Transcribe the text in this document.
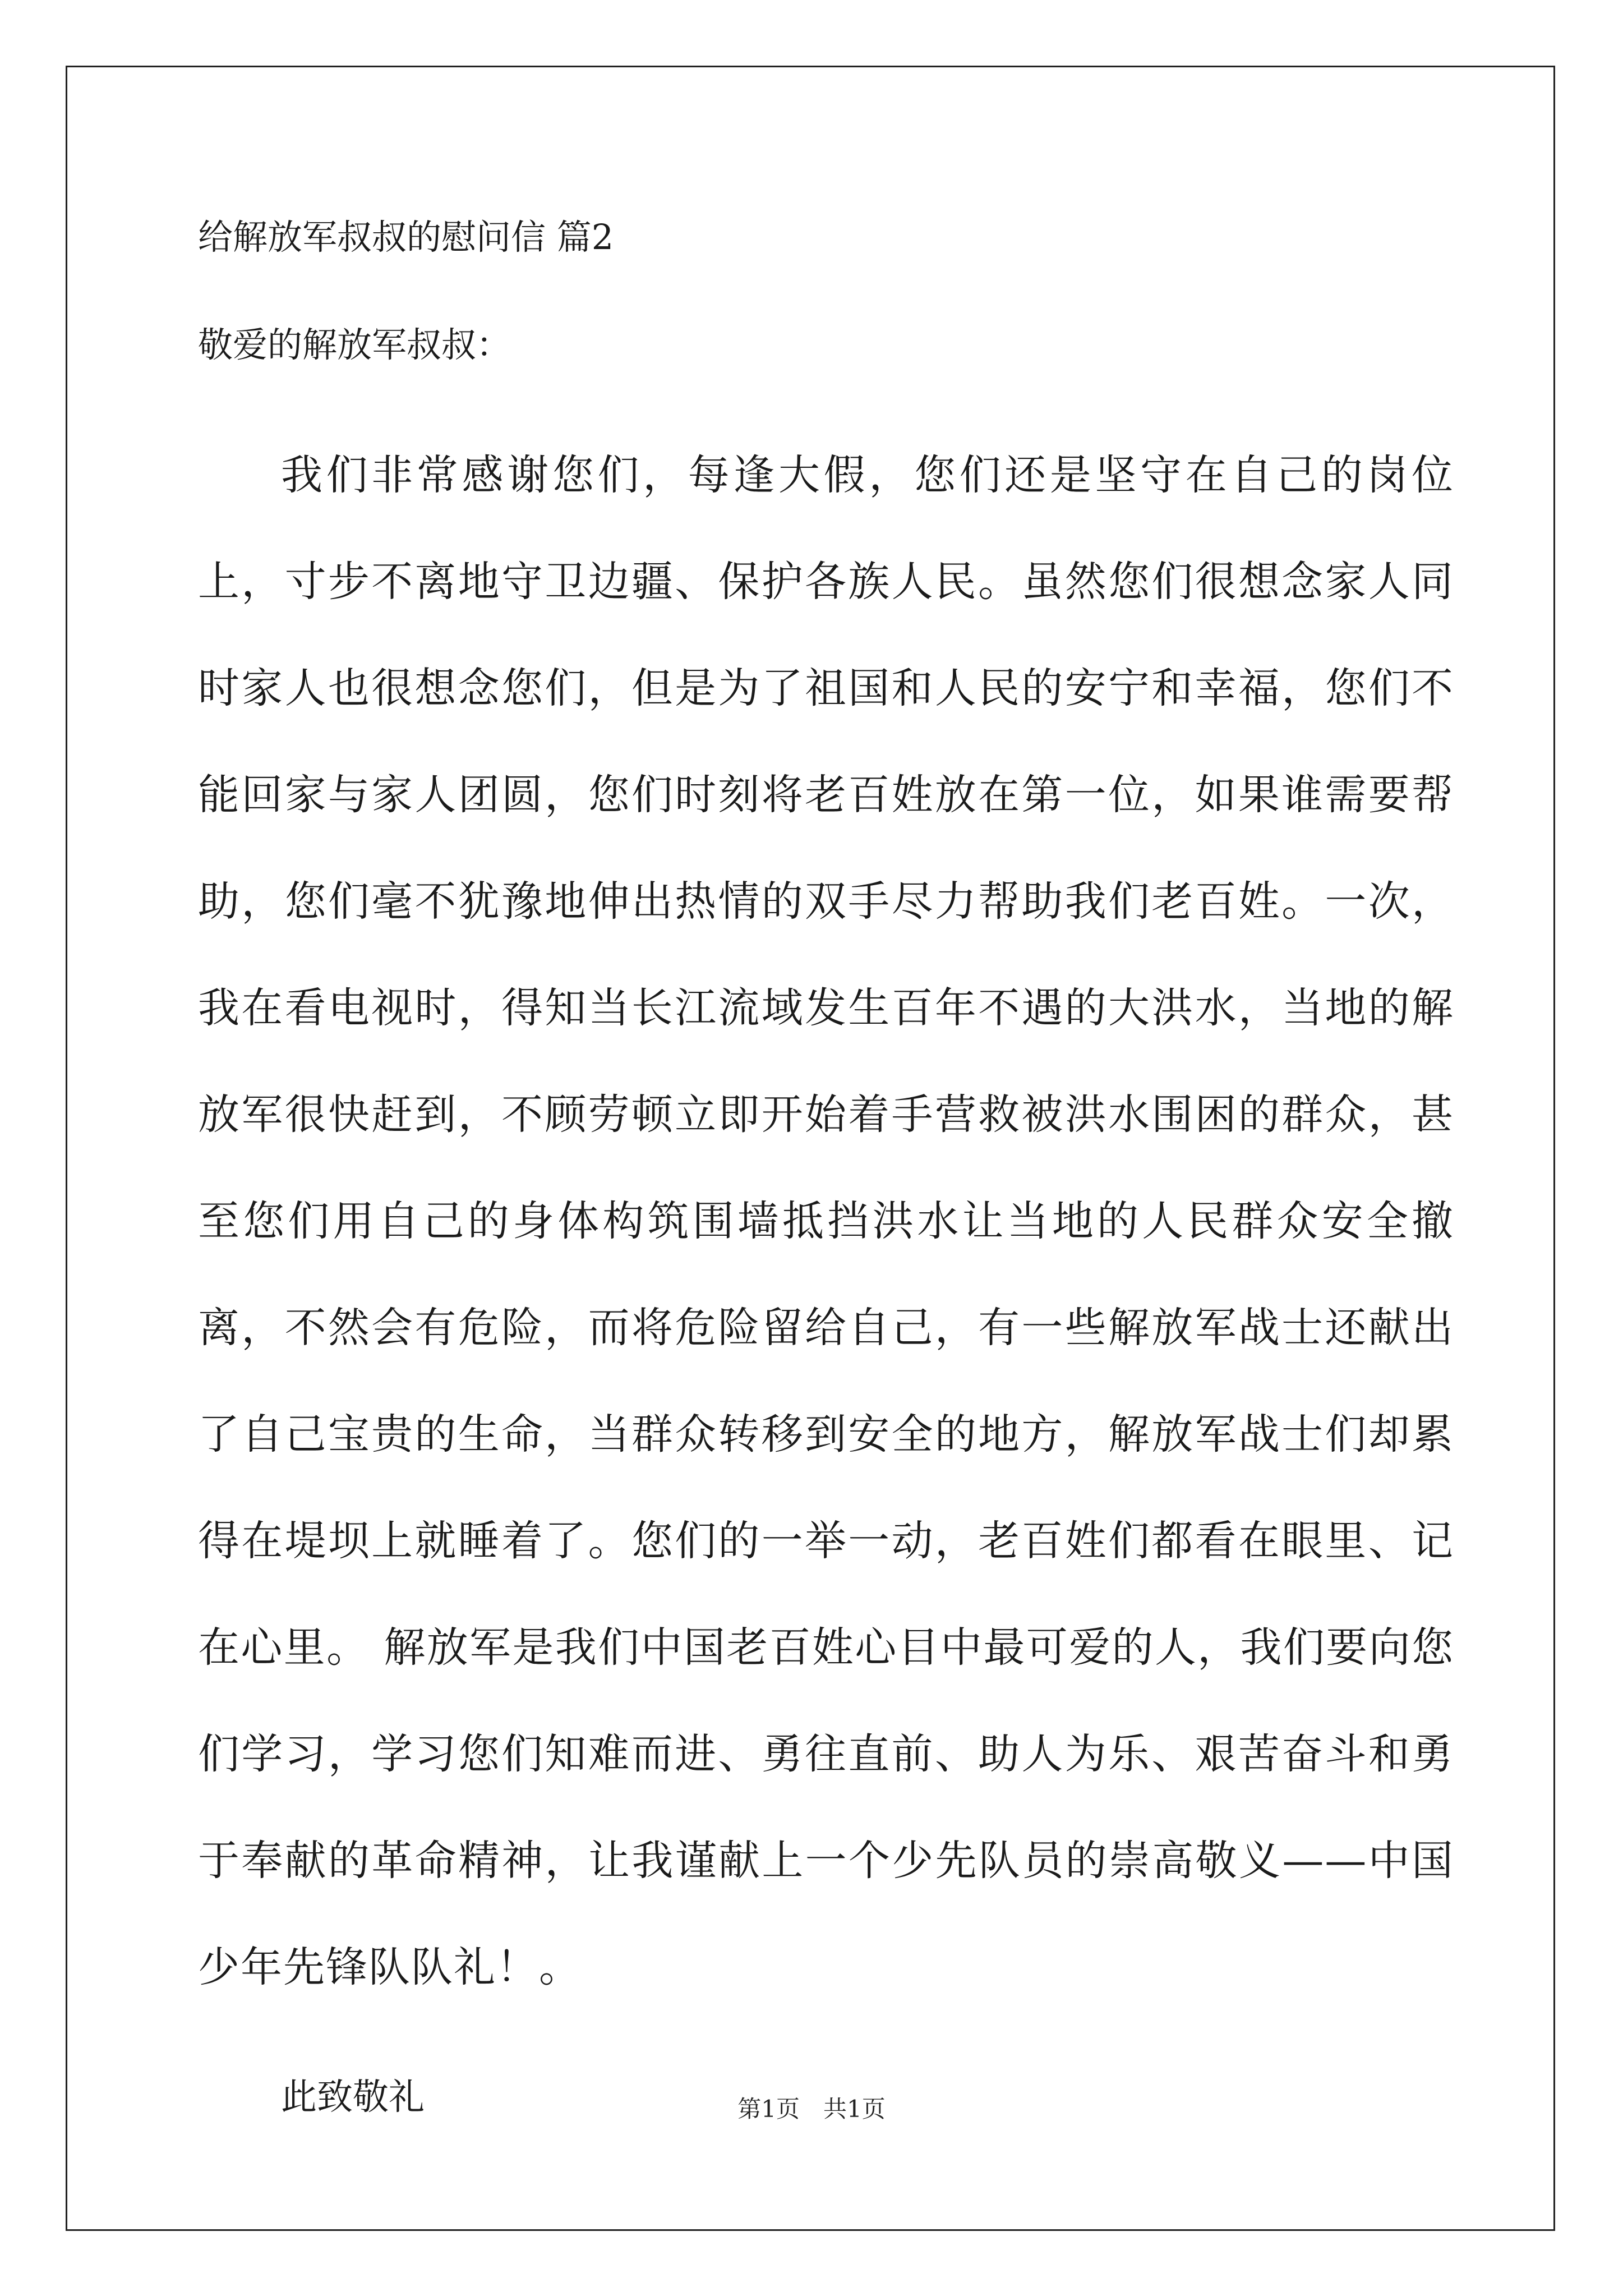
给解放军叔叔的慰问信 篇2
敬爱的解放军叔叔：

我们非常感谢您们，每逢大假，您们还是坚守在自己的岗位上，寸步不离地守卫边疆、保护各族人民。虽然您们很想念家人同时家人也很想念您们，但是为了祖国和人民的安宁和幸福，您们不能回家与家人团圆，您们时刻将老百姓放在第一位，如果谁需要帮助，您们毫不犹豫地伸出热情的双手尽力帮助我们老百姓。一次，我在看电视时，得知当长江流域发生百年不遇的大洪水，当地的解放军很快赶到，不顾劳顿立即开始着手营救被洪水围困的群众，甚至您们用自己的身体构筑围墙抵挡洪水让当地的人民群众安全撤离，不然会有危险，而将危险留给自己，有一些解放军战士还献出了自己宝贵的生命，当群众转移到安全的地方，解放军战士们却累得在堤坝上就睡着了。您们的一举一动，老百姓们都看在眼里、记在心里。 解放军是我们中国老百姓心目中最可爱的人，我们要向您们学习，学习您们知难而进、勇往直前、助人为乐、艰苦奋斗和勇于奉献的革命精神，让我谨献上一个少先队员的崇高敬义——中国少年先锋队队礼！。

此致敬礼	第1页　共1页
